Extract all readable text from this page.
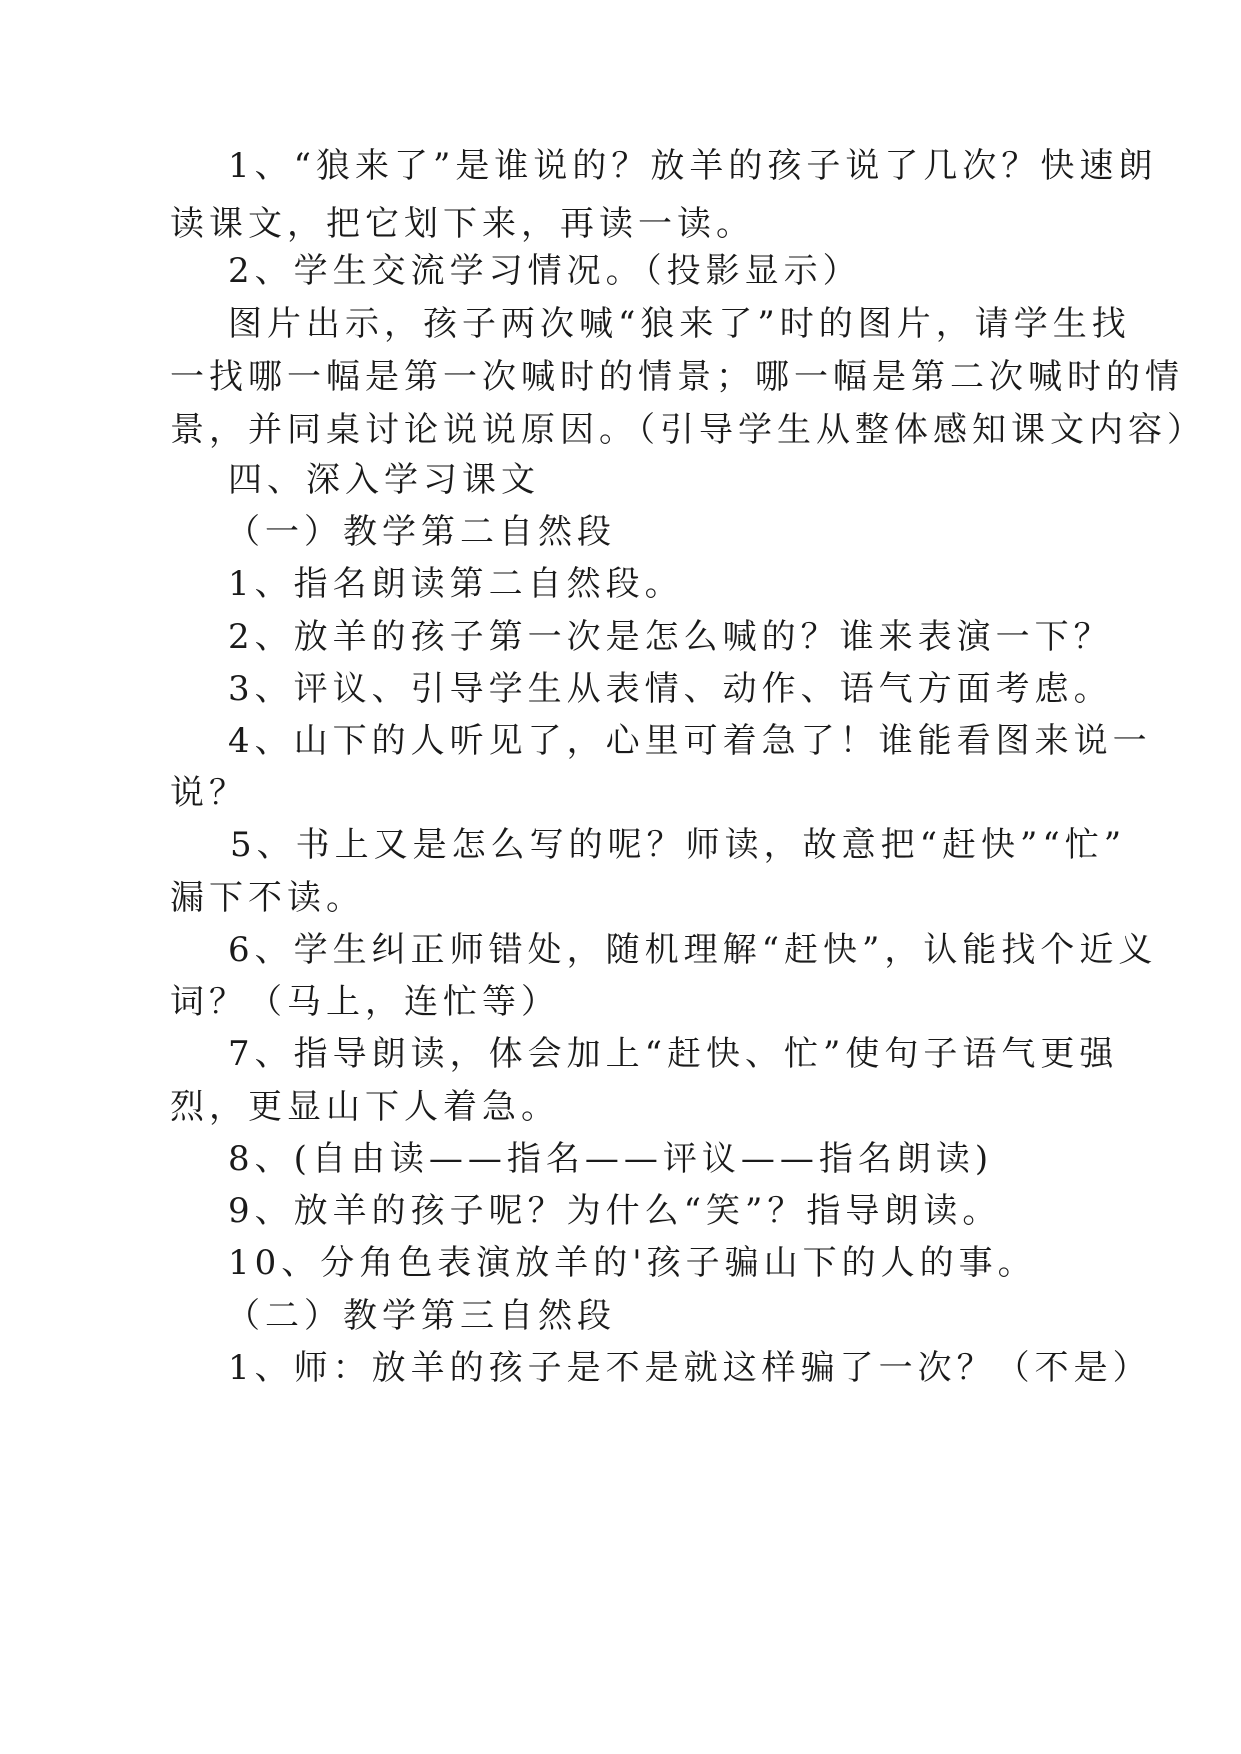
1、“狼来了”是谁说的？放羊的孩子说了几次？快速朗
读课文，把它划下来，再读一读。
2、学生交流学习情况。（投影显示）
图片出示，孩子两次喊“狼来了”时的图片，请学生找
一找哪一幅是第一次喊时的情景；哪一幅是第二次喊时的情
景，并同桌讨论说说原因。（引导学生从整体感知课文内容）
四、深入学习课文
（一）教学第二自然段
1、指名朗读第二自然段。
2、放羊的孩子第一次是怎么喊的？谁来表演一下？
3、评议、引导学生从表情、动作、语气方面考虑。
4、山下的人听见了，心里可着急了！谁能看图来说一
说？
5、书上又是怎么写的呢？师读，故意把“赶快”“忙”
漏下不读。
6、学生纠正师错处，随机理解“赶快”，认能找个近义
词？（马上，连忙等）
7、指导朗读，体会加上“赶快、忙”使句子语气更强
烈，更显山下人着急。
8、(自由读——指名——评议——指名朗读)
9、放羊的孩子呢？为什么“笑”？指导朗读。
10、分角色表演放羊的'孩子骗山下的人的事。
（二）教学第三自然段
1、师：放羊的孩子是不是就这样骗了一次？（不是）
